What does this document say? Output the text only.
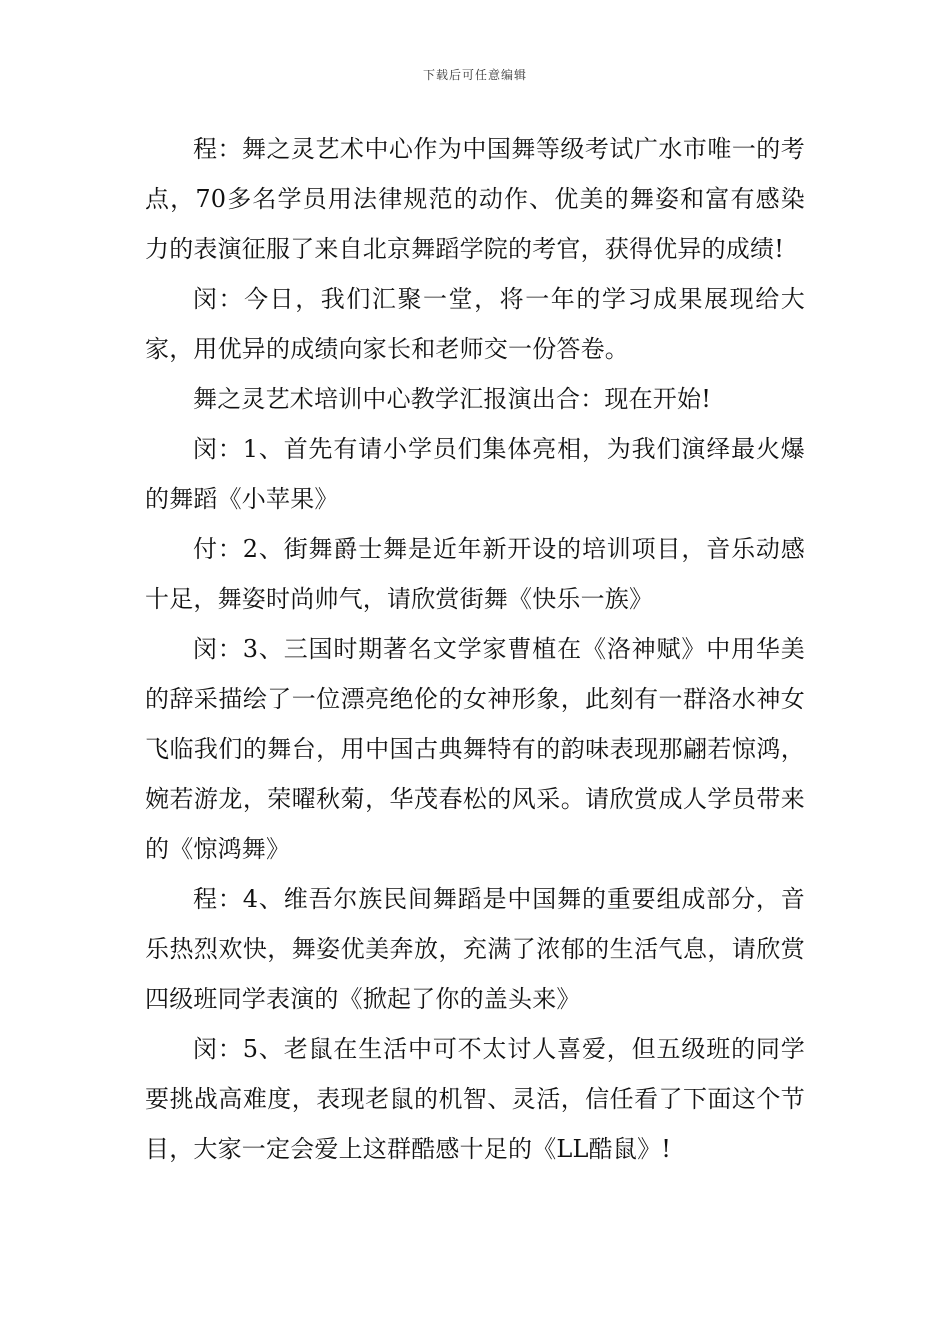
下载后可任意编辑

程：舞之灵艺术中心作为中国舞等级考试广水市唯一的考点，70多名学员用法律规范的动作、优美的舞姿和富有感染力的表演征服了来自北京舞蹈学院的考官，获得优异的成绩!

闵：今日，我们汇聚一堂，将一年的学习成果展现给大家，用优异的成绩向家长和老师交一份答卷。

舞之灵艺术培训中心教学汇报演出合：现在开始!

闵：1、首先有请小学员们集体亮相，为我们演绎最火爆的舞蹈《小苹果》

付：2、街舞爵士舞是近年新开设的培训项目，音乐动感十足，舞姿时尚帅气，请欣赏街舞《快乐一族》

闵：3、三国时期著名文学家曹植在《洛神赋》中用华美的辞采描绘了一位漂亮绝伦的女神形象，此刻有一群洛水神女飞临我们的舞台，用中国古典舞特有的韵味表现那翩若惊鸿，婉若游龙，荣曜秋菊，华茂春松的风采。请欣赏成人学员带来的《惊鸿舞》

程：4、维吾尔族民间舞蹈是中国舞的重要组成部分，音乐热烈欢快，舞姿优美奔放，充满了浓郁的生活气息，请欣赏四级班同学表演的《掀起了你的盖头来》

闵：5、老鼠在生活中可不太讨人喜爱，但五级班的同学要挑战高难度，表现老鼠的机智、灵活，信任看了下面这个节目，大家一定会爱上这群酷感十足的《LL酷鼠》!
